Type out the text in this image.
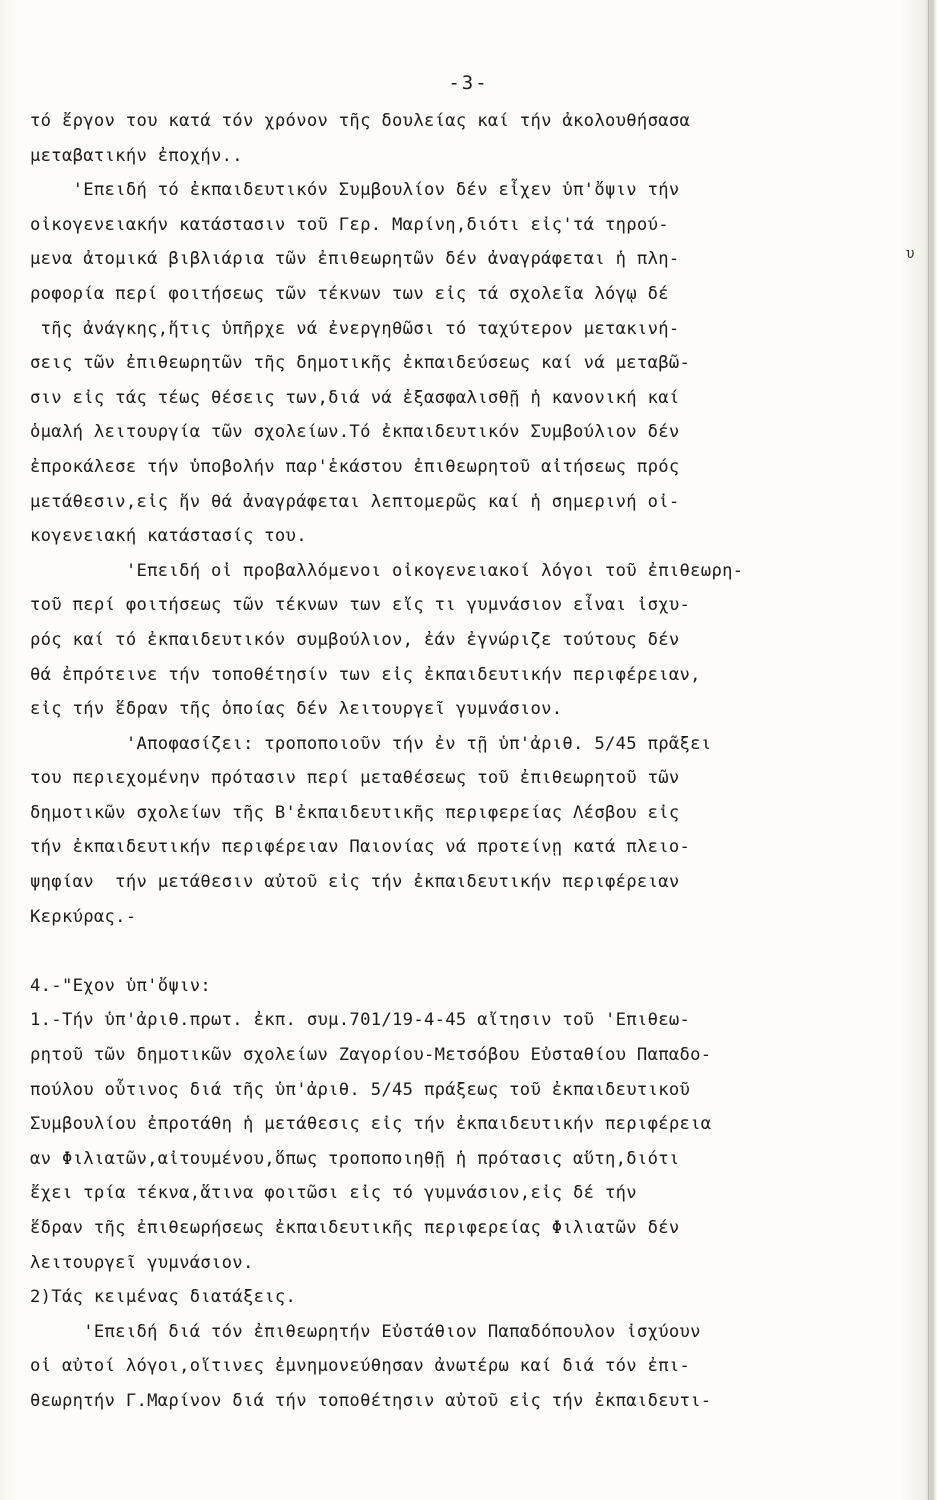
-3-
υ
τό ἔργον του κατά τόν χρόνον τῆς δουλείας καί τήν ἀκολουθήσασα
μεταβατικήν ἐποχήν..
'Επειδή τό ἐκπαιδευτικόν Συμβουλίον δέν εἶχεν ὑπ'ὄψιν τήν
οἰκογενειακήν κατάστασιν τοῦ Γερ. Μαρίνη,διότι εἰς'τά τηρού-
μενα ἀτομικά βιβλιάρια τῶν ἐπιθεωρητῶν δέν ἀναγράφεται ἡ πλη-
ροφορία περί φοιτήσεως τῶν τέκνων των εἰς τά σχολεῖα λόγῳ δέ
τῆς ἀνάγκης,ἥτις ὑπῆρχε νά ἐνεργηθῶσι τό ταχύτερον μετακινή-
σεις τῶν ἐπιθεωρητῶν τῆς δημοτικῆς ἐκπαιδεύσεως καί νά μεταβῶ-
σιν εἰς τάς τέως θέσεις των,διά νά ἐξασφαλισθῇ ἡ κανονική καί
ὁμαλή λειτουργία τῶν σχολείων.Τό ἐκπαιδευτικόν Συμβούλιον δέν
ἐπροκάλεσε τήν ὑποβολήν παρ'ἑκάστου ἐπιθεωρητοῦ αἰτήσεως πρός
μετάθεσιν,εἰς ἥν θά ἀναγράφεται λεπτομερῶς καί ἡ σημερινή οἰ-
κογενειακή κατάστασίς του.
'Επειδή οἱ προβαλλόμενοι οἰκογενειακοί λόγοι τοῦ ἐπιθεωρη-
τοῦ περί φοιτήσεως τῶν τέκνων των εἴς τι γυμνάσιον εἶναι ἰσχυ-
ρός καί τό ἐκπαιδευτικόν συμβούλιον, ἐάν ἐγνώριζε τούτους δέν
θά ἐπρότεινε τήν τοποθέτησίν των εἰς ἐκπαιδευτικήν περιφέρειαν,
εἰς τήν ἕδραν τῆς ὁποίας δέν λειτουργεῖ γυμνάσιον.
'Αποφασίζει: τροποποιοῦν τήν ἐν τῇ ὑπ'ἀριθ. 5/45 πρᾶξει
του περιεχομένην πρότασιν περί μεταθέσεως τοῦ ἐπιθεωρητοῦ τῶν
δημοτικῶν σχολείων τῆς Β'ἐκπαιδευτικῆς περιφερείας Λέσβου εἰς
τήν ἐκπαιδευτικήν περιφέρειαν Παιονίας νά προτείνῃ κατά πλειο-
ψηφίαν  τήν μετάθεσιν αὐτοῦ εἰς τήν ἐκπαιδευτικήν περιφέρειαν
Κερκύρας.-
4.-"Εχον ὑπ'ὄψιν:
1.-Τήν ὑπ'ἀριθ.πρωτ. ἐκπ. συμ.701/19-4-45 αἴτησιν τοῦ 'Επιθεω-
ρητοῦ τῶν δημοτικῶν σχολείων Ζαγορίου-Μετσόβου Εὐσταθίου Παπαδο-
πούλου οὗτινος διά τῆς ὑπ'ἀριθ. 5/45 πράξεως τοῦ ἐκπαιδευτικοῦ
Συμβουλίου ἐπροτάθη ἡ μετάθεσις εἰς τήν ἐκπαιδευτικήν περιφέρεια
αν Φιλιατῶν,αἰτουμένου,ὅπως τροποποιηθῇ ἡ πρότασις αὕτη,διότι
ἔχει τρία τέκνα,ἅτινα φοιτῶσι εἰς τό γυμνάσιον,εἰς δέ τήν
ἕδραν τῆς ἐπιθεωρήσεως ἐκπαιδευτικῆς περιφερείας Φιλιατῶν δέν
λειτουργεῖ γυμνάσιον.
2)Τάς κειμένας διατάξεις.
'Επειδή διά τόν ἐπιθεωρητήν Εὐστάθιον Παπαδόπουλον ἰσχύουν
οἱ αὐτοί λόγοι,οἵτινες ἐμνημονεύθησαν ἀνωτέρω καί διά τόν ἐπι-
θεωρητήν Γ.Μαρίνον διά τήν τοποθέτησιν αὐτοῦ εἰς τήν ἐκπαιδευτι-
